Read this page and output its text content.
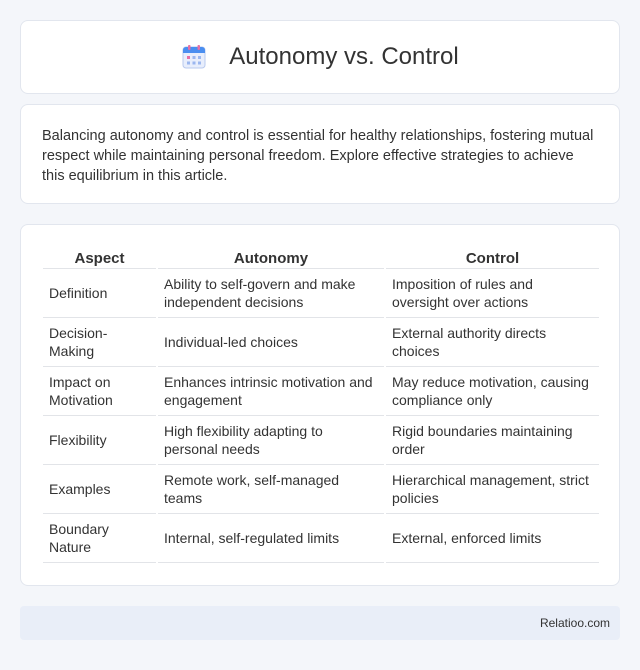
Autonomy vs. Control

Balancing autonomy and control is essential for healthy relationships, fostering mutual respect while maintaining personal freedom. Explore effective strategies to achieve this equilibrium in this article.

Aspect	Autonomy	Control
Definition	Ability to self-govern and make independent decisions	Imposition of rules and oversight over actions
Decision-Making	Individual-led choices	External authority directs choices
Impact on Motivation	Enhances intrinsic motivation and engagement	May reduce motivation, causing compliance only
Flexibility	High flexibility adapting to personal needs	Rigid boundaries maintaining order
Examples	Remote work, self-managed teams	Hierarchical management, strict policies
Boundary Nature	Internal, self-regulated limits	External, enforced limits
Relatioo.com
